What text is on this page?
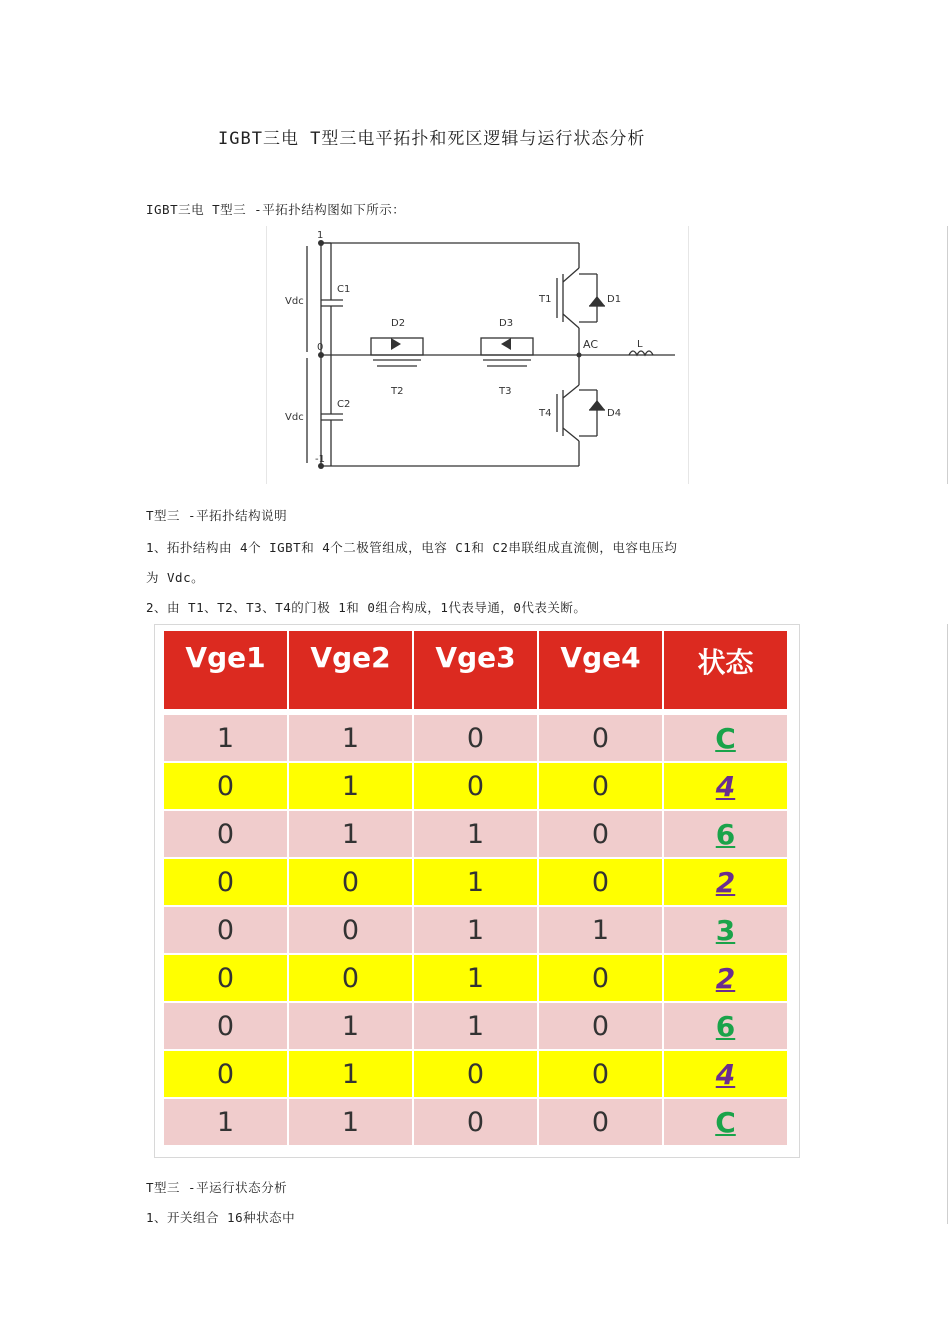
IGBT三电 T型三电平拓扑和死区逻辑与运行状态分析
IGBT三电 T型三 -平拓扑结构图如下所示：
1
0
-1
Vdc
Vdc
C1
C2
T1	D1
T4	D4
D2
T2
D3
T3
AC	L
T型三 -平拓扑结构说明
1、拓扑结构由 4个 IGBT和 4个二极管组成，电容 C1和 C2串联组成直流侧，电容电压均
为 Vdc。
2、由 T1、T2、T3、T4的门极 1和 0组合构成，1代表导通，0代表关断。
Vge1	Vge2	Vge3	Vge4	状态

1	1	0	0	C
0	1	0	0	4
0	1	1	0	6
0	0	1	0	2
0	0	1	1	3
0	0	1	0	2
0	1	1	0	6
0	1	0	0	4
1	1	0	0	C
T型三 -平运行状态分析
1、开关组合 16种状态中
